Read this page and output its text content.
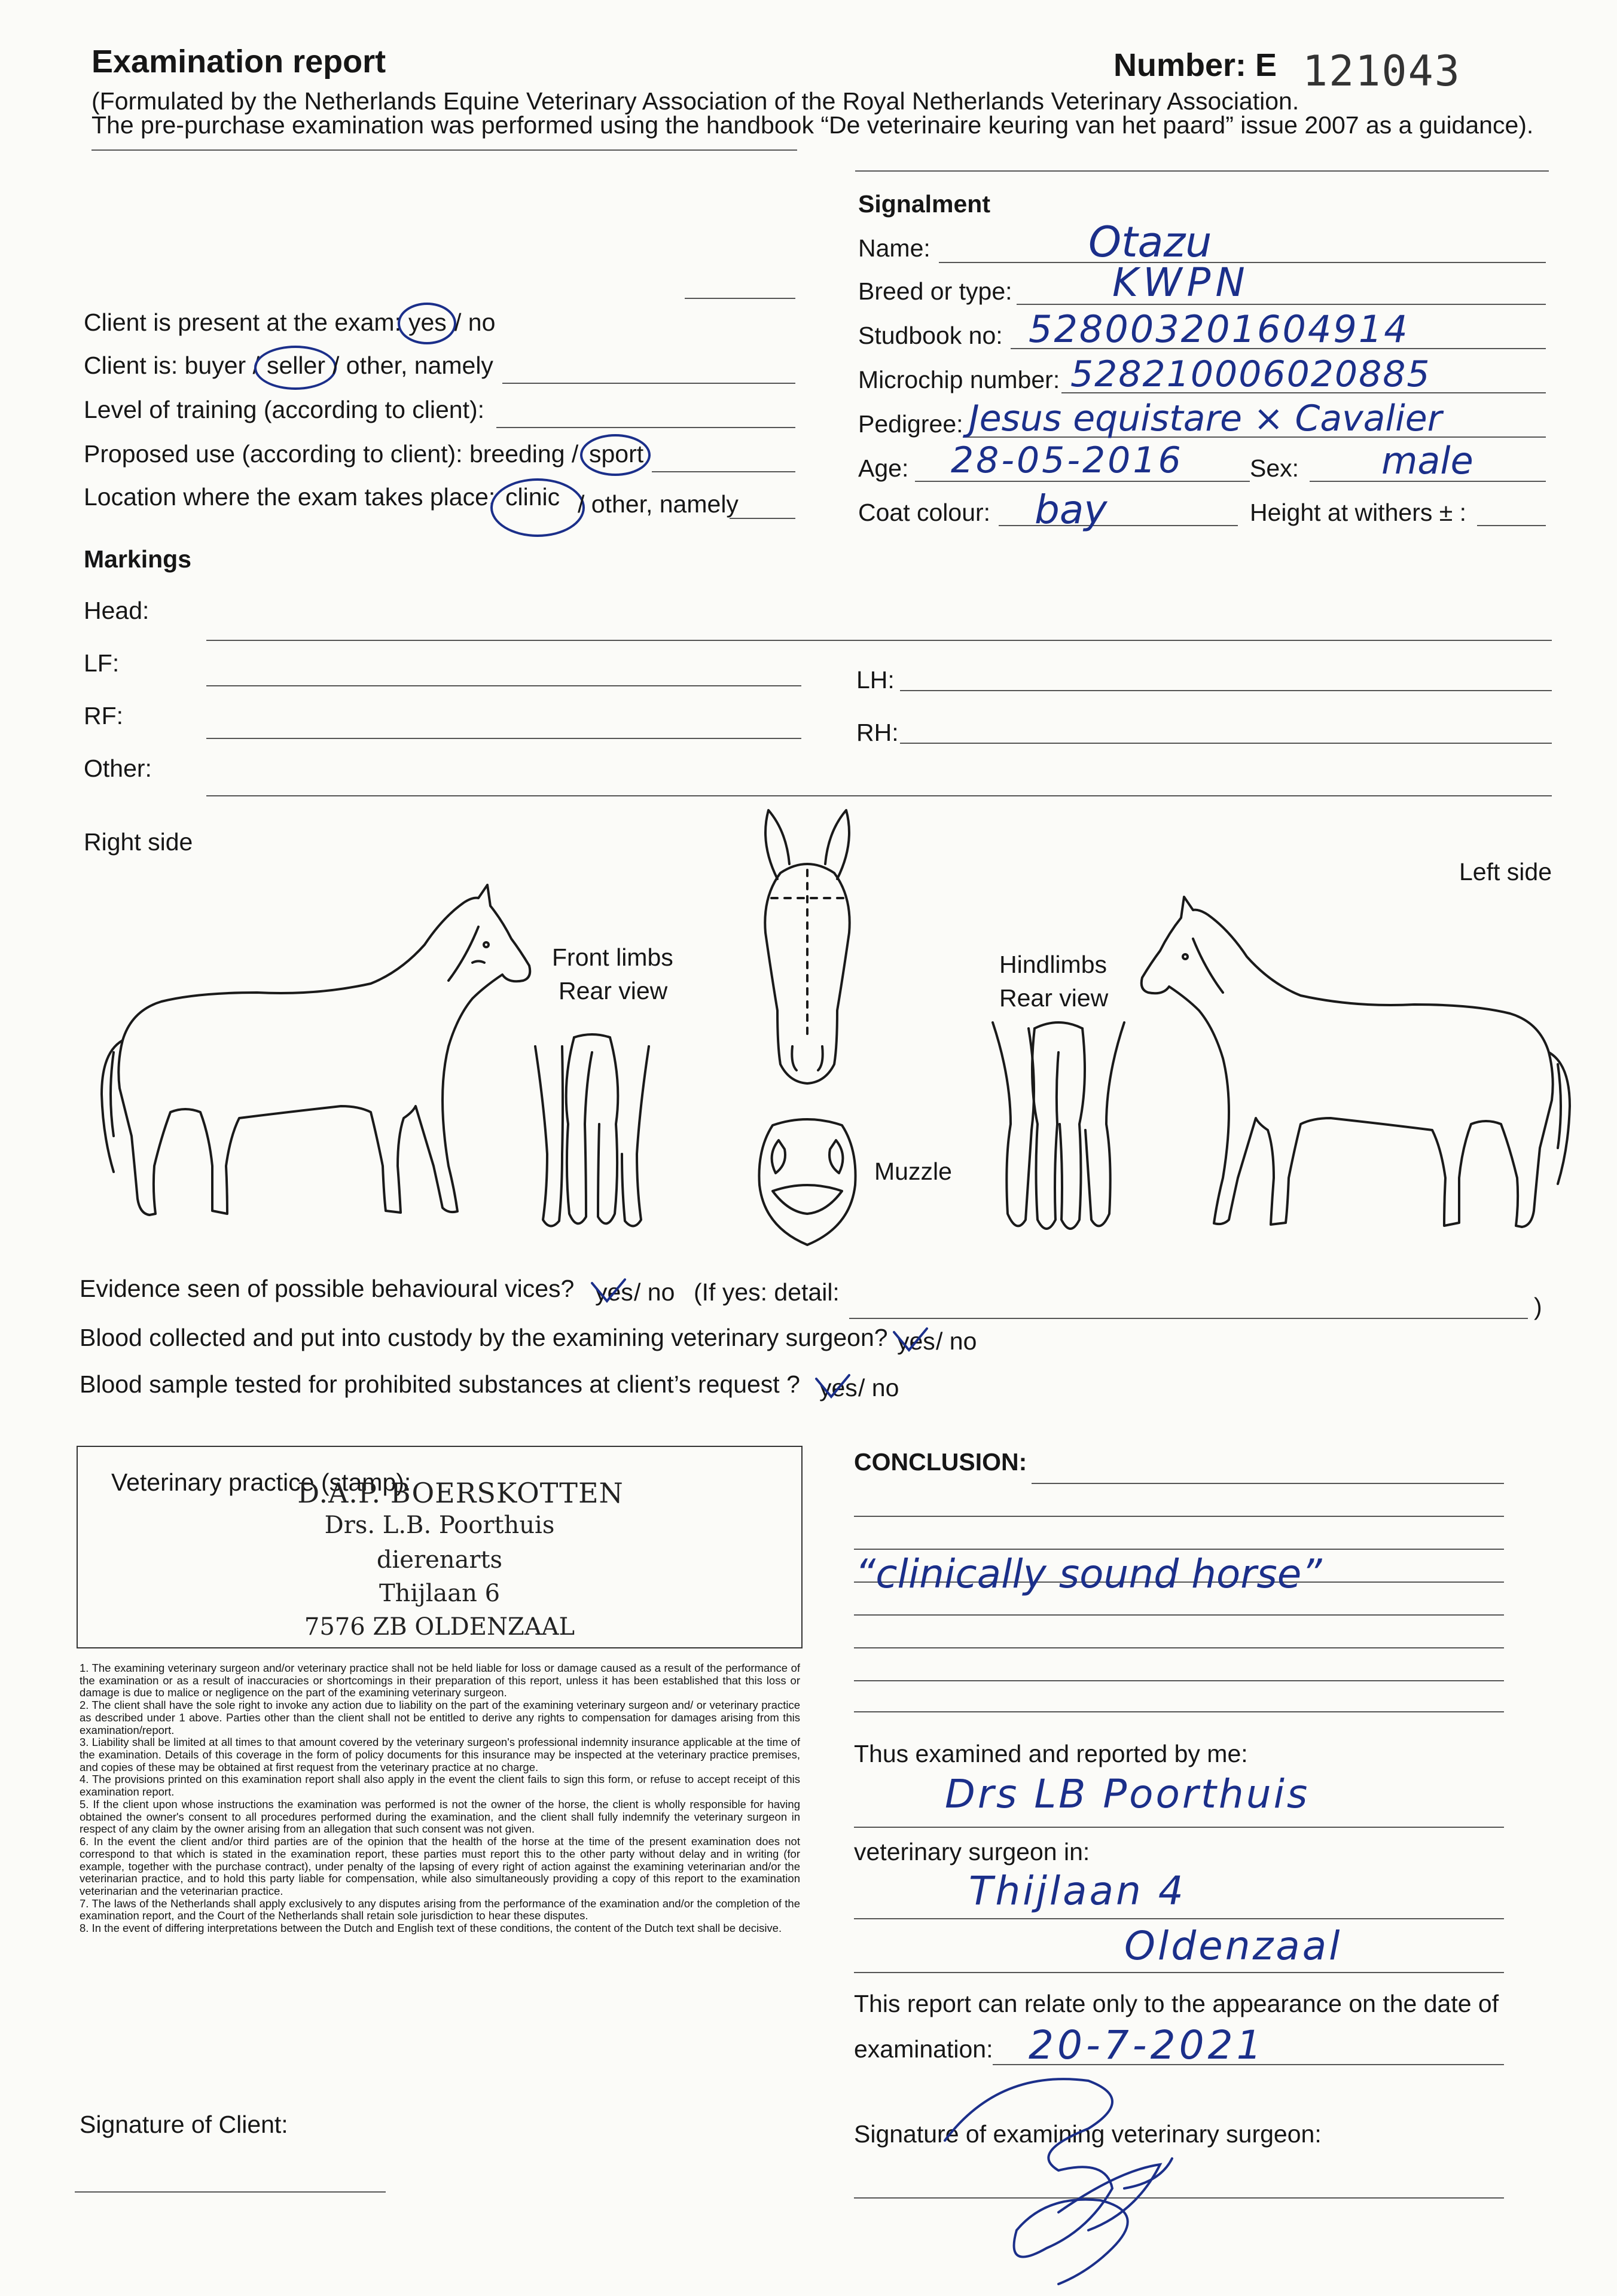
Examination report	Number: E 121043
(Formulated by the Netherlands Equine Veterinary Association of the Royal Netherlands Veterinary Association.
The pre-purchase examination was performed using the handbook “De veterinaire keuring van het paard” issue 2007 as a guidance).
Signalment
Name:	Otazu
Breed or type:	KWPN
Studbook no: 528003201604914
Microchip number: 528210006020885
Pedigree: Jesus equistare × Cavalier
Age: 28-05-2016	Sex: male
Coat colour: bay	Height at withers ± :
Client is present at the exam: yes / no
Client is: buyer / seller / other, namely
Level of training (according to client):
Proposed use (according to client): breeding / sport
Location where the exam takes place: clinic / other, namely
Markings
Head:
LF:
LH:
RF:
RH:
Other:
Right side
Left side
Front limbs
Rear view
Hindlimbs
Rear view
Muzzle
Evidence seen of possible behavioural vices? yes / no (If yes: detail:
)
Blood collected and put into custody by the examining veterinary surgeon? yes / no
Blood sample tested for prohibited substances at client’s request ? yes / no
Veterinary practice (stamp):
D.A.P. BOERSKOTTEN
Drs. L.B. Poorthuis
dierenarts
Thijlaan 6
7576 ZB OLDENZAAL

1. The examining veterinary surgeon and/or veterinary practice shall not be held liable for loss or damage caused as a result of the performance of the examination or as a result of inaccuracies or shortcomings in their preparation of this report, unless it has been established that this loss or damage is due to malice or negligence on the part of the examining veterinary surgeon.

2. The client shall have the sole right to invoke any action due to liability on the part of the examining veterinary surgeon and/ or veterinary practice as described under 1 above. Parties other than the client shall not be entitled to derive any rights to compensation for damages arising from this examination/report.

3. Liability shall be limited at all times to that amount covered by the veterinary surgeon's professional indemnity insurance applicable at the time of the examination. Details of this coverage in the form of policy documents for this insurance may be inspected at the veterinary practice premises, and copies of these may be obtained at first request from the veterinary practice at no charge.

4. The provisions printed on this examination report shall also apply in the event the client fails to sign this form, or refuse to accept receipt of this examination report.

5. If the client upon whose instructions the examination was performed is not the owner of the horse, the client is wholly responsible for having obtained the owner's consent to all procedures performed during the examination, and the client shall fully indemnify the veterinary surgeon in respect of any claim by the owner arising from an allegation that such consent was not given.

6. In the event the client and/or third parties are of the opinion that the health of the horse at the time of the present examination does not correspond to that which is stated in the examination report, these parties must report this to the other party without delay and in writing (for example, together with the purchase contract), under penalty of the lapsing of every right of action against the examining veterinarian and/or the veterinarian practice, and to hold this party liable for compensation, while also simultaneously providing a copy of this report to the examination veterinarian and the veterinarian practice.

7. The laws of the Netherlands shall apply exclusively to any disputes arising from the performance of the examination and/or the completion of the examination report, and the Court of the Netherlands shall retain sole jurisdiction to hear these disputes.

8. In the event of differing interpretations between the Dutch and English text of these conditions, the content of the Dutch text shall be decisive.

Signature of Client:
CONCLUSION:
“clinically sound horse”
Thus examined and reported by me:
Drs LB Poorthuis
veterinary surgeon in:
Thijlaan 4
Oldenzaal
This report can relate only to the appearance on the date of
examination: 20-7-2021
Signature of examining veterinary surgeon:
